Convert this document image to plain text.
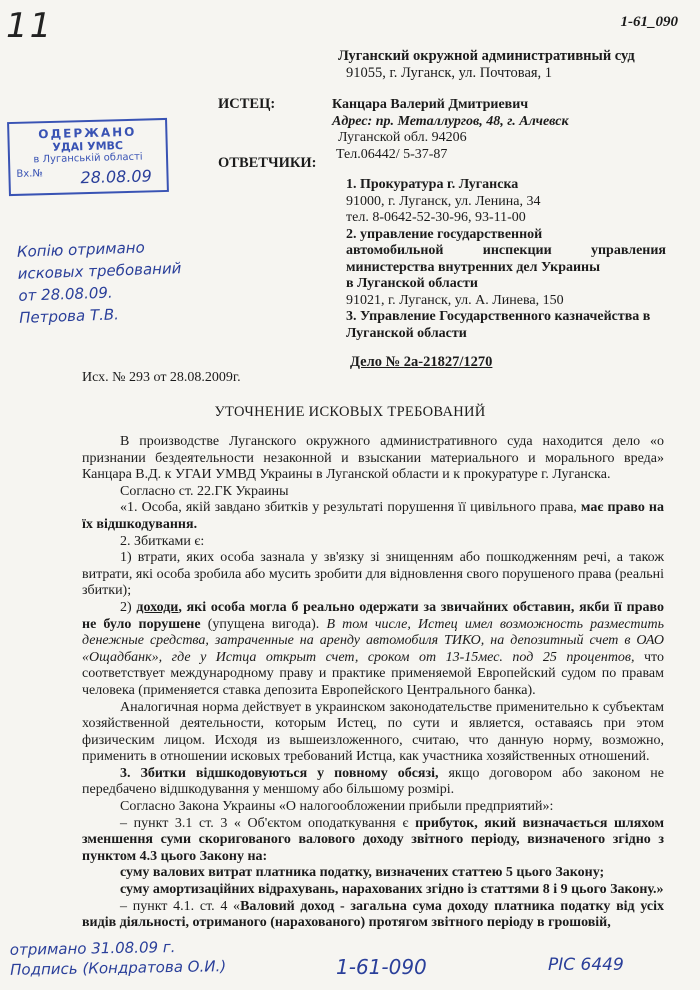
11	1-61_090
Луганский окружной административный суд
91055, г. Луганск, ул. Почтовая, 1
ИСТЕЦ:	Канцара Валерий Дмитриевич
Адрес: пр. Металлургов, 48, г. Алчевск
Луганской обл. 94206
Тел.06442/ 5-37-87
ОТВЕТЧИКИ:
1. Прокуратура г. Луганска
91000, г. Луганск, ул. Ленина, 34
тел. 8-0642-52-30-96, 93-11-00
2. управление государственной
автомобильной инспекции управления
министерства внутренних дел Украины
в Луганской области
91021, г. Луганск, ул. А. Линева, 150
3. Управление Государственного казначейства в
Луганской области
ОДЕРЖАНО
УДАІ УМВС
в Луганській області
Вх.№	28.08.09
Копію отримано
исковых требований
от 28.08.09.
Петрова Т.В.
Дело № 2а-21827/1270
Исх. № 293 от 28.08.2009г.
УТОЧНЕНИЕ ИСКОВЫХ ТРЕБОВАНИЙ

В производстве Луганского окружного административного суда находится дело «о признании бездеятельности незаконной и взыскании материального и морального вреда» Канцара В.Д. к УГАИ УМВД Украины в Луганской области и к прокуратуре г. Луганска.

Согласно ст. 22.ГК Украины

«1. Особа, якій завдано збитків у результаті порушення її цивільного права, має право на їх відшкодування.

2. Збитками є:

1) втрати, яких особа зазнала у зв'язку зі знищенням або пошкодженням речі, а також витрати, які особа зробила або мусить зробити для відновлення свого порушеного права (реальні збитки);

2) доходи, які особа могла б реально одержати за звичайних обставин, якби її право не було порушене (упущена вигода). В том числе, Истец имел возможность разместить денежные средства, затраченные на аренду автомобиля ТИКО, на депозитный счет в ОАО «Ощадбанк», где у Истца открыт счет, сроком от 13-15мес. под 25 процентов, что соответствует международному праву и практике применяемой Европейский судом по правам человека (применяется ставка депозита Европейского Центрального банка).

Аналогичная норма действует в украинском законодательстве применительно к субъектам хозяйственной деятельности, которым Истец, по сути и является, оставаясь при этом физическим лицом. Исходя из вышеизложенного, считаю, что данную норму, возможно, применить в отношении исковых требований Истца, как участника хозяйственных отношений.

3. Збитки відшкодовуються у повному обсязі, якщо договором або законом не передбачено відшкодування у меншому або більшому розмірі.

Согласно Закона Украины «О налогообложении прибыли предприятий»:

– пункт 3.1 ст. 3 « Об'єктом оподаткування є прибуток, який визначається шляхом зменшення суми скоригованого валового доходу звітного періоду, визначеного згідно з пунктом 4.3 цього Закону на:

суму валових витрат платника податку, визначених статтею 5 цього Закону;

суму амортизаційних відрахувань, нарахованих згідно із статтями 8 і 9 цього Закону.»

– пункт 4.1. ст. 4 «Валовий доход - загальна сума доходу платника податку від усіх видів діяльності, отриманого (нарахованого) протягом звітного періоду в грошовій,

отримано 31.08.09 г.
Подпись (Кондратова О.И.)	1-61-090	РІС 6449
